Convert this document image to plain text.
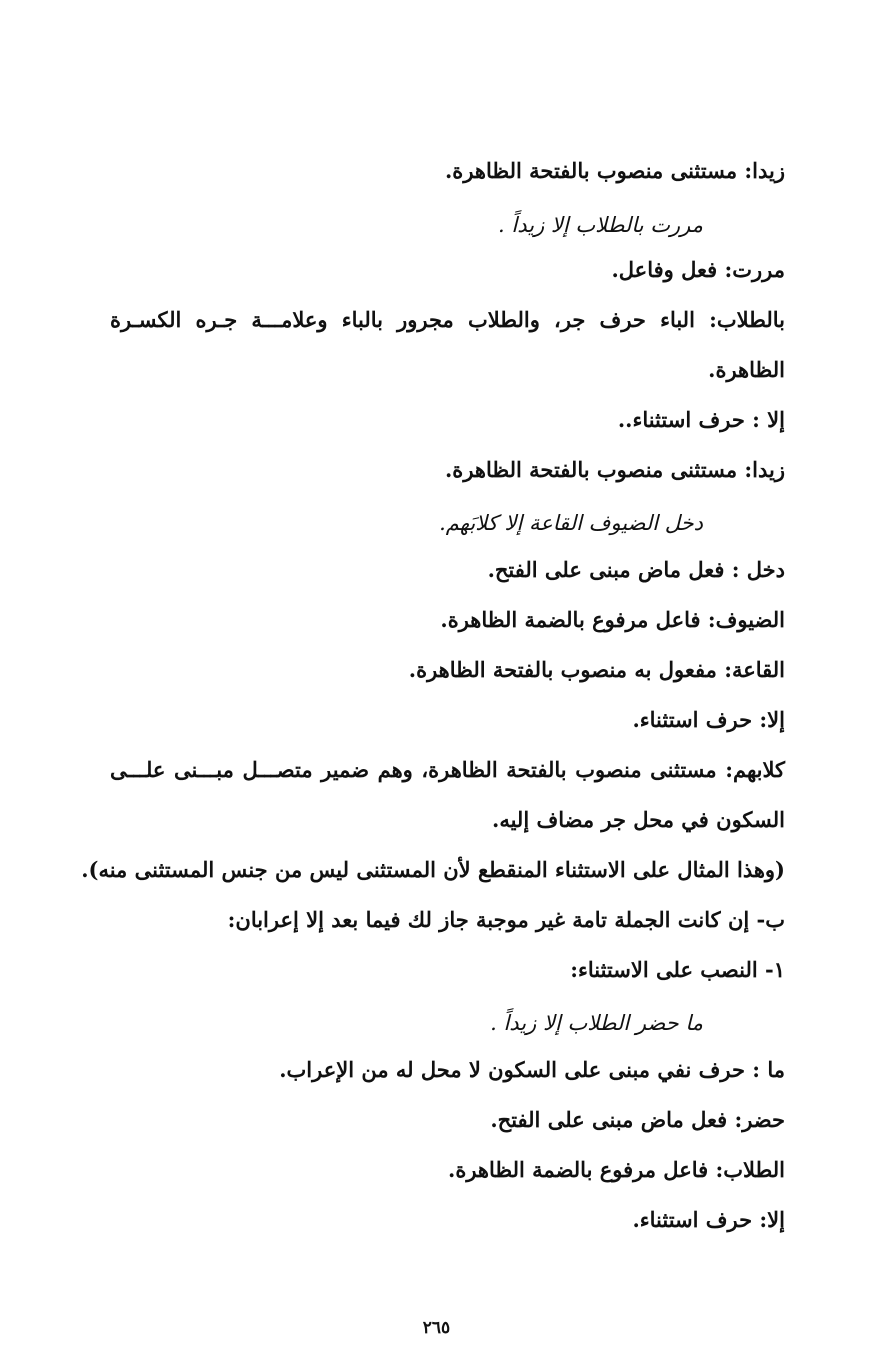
زيدا: مستثنى منصوب بالفتحة الظاهرة.
مررت بالطلاب إلا زيداً .
مررت: فعل وفاعل.
بالطلاب: الباء حرف جر، والطلاب مجرور بالباء وعلامـــة جـره الكسـرة
الظاهرة.
إلا : حرف استثناء..
زيدا: مستثنى منصوب بالفتحة الظاهرة.
دخل الضيوف القاعة إلا كلابَهم.
دخل : فعل ماض مبنى على الفتح.
الضيوف: فاعل مرفوع بالضمة الظاهرة.
القاعة: مفعول به منصوب بالفتحة الظاهرة.
إلا: حرف استثناء.
كلابهم: مستثنى منصوب بالفتحة الظاهرة، وهم ضمير متصـــل مبـــنى علـــى
السكون في محل جر مضاف إليه.
(وهذا المثال على الاستثناء المنقطع لأن المستثنى ليس من جنس المستثنى منه).
ب- إن كانت الجملة تامة غير موجبة جاز لك فيما بعد إلا إعرابان:
١- النصب على الاستثناء:
ما حضر الطلاب إلا زيداً .
ما : حرف نفي مبنى على السكون لا محل له من الإعراب.
حضر: فعل ماض مبنى على الفتح.
الطلاب: فاعل مرفوع بالضمة الظاهرة.
إلا: حرف استثناء.
٢٦٥
